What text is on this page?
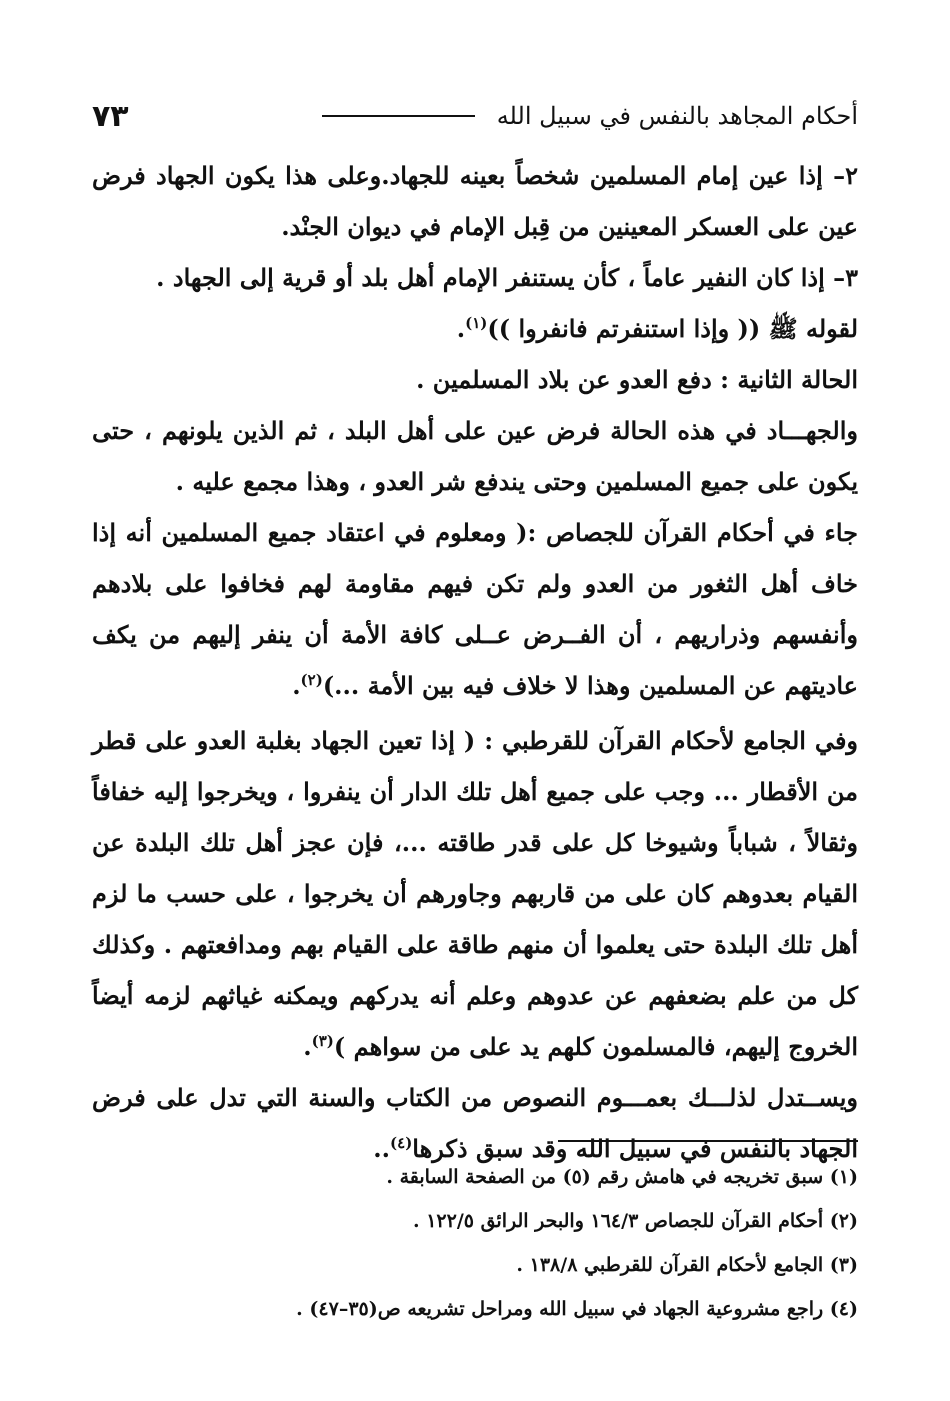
أحكام المجاهد بالنفس في سبيل الله
٧٣

٢– إذا عين إمام المسلمين شخصاً بعينه للجهاد.وعلى هذا يكون الجهاد فرض عين على العسكر المعينين من قِبل الإمام في ديوان الجنْد.

٣– إذا كان النفير عاماً ، كأن يستنفر الإمام أهل بلد أو قرية إلى الجهاد .

لقوله ﷺ (( وإذا استنفرتم فانفروا ))$^{(١)}$.

الحالة الثانية : دفع العدو عن بلاد المسلمين .

والجهـــاد في هذه الحالة فرض عين على أهل البلد ، ثم الذين يلونهم ، حتى يكون على جميع المسلمين وحتى يندفع شر العدو ، وهذا مجمع عليه .

جاء في أحكام القرآن للجصاص :( ومعلوم في اعتقاد جميع المسلمين أنه إذا خاف أهل الثغور من العدو ولم تكن فيهم مقاومة لهم فخافوا على بلادهم وأنفسهم وذراريهم ، أن الفــرض عــلى كافة الأمة أن ينفر إليهم من يكف عاديتهم عن المسلمين وهذا لا خلاف فيه بين الأمة ...)$^{(٢)}$.

وفي الجامع لأحكام القرآن للقرطبي : ( إذا تعين الجهاد بغلبة العدو على قطر من الأقطار ... وجب على جميع أهل تلك الدار أن ينفروا ، ويخرجوا إليه خفافاً وثقالاً ، شباباً وشيوخا كل على قدر طاقته ...، فإن عجز أهل تلك البلدة عن القيام بعدوهم كان على من قاربهم وجاورهم أن يخرجوا ، على حسب ما لزم أهل تلك البلدة حتى يعلموا أن منهم طاقة على القيام بهم ومدافعتهم . وكذلك كل من علم بضعفهم عن عدوهم وعلم أنه يدركهم ويمكنه غياثهم لزمه أيضاً الخروج إليهم، فالمسلمون كلهم يد على من سواهم )$^{(٣)}$.

ويســتدل لذلـــك بعمـــوم النصوص من الكتاب والسنة التي تدل على فرض الجهاد بالنفس في سبيل الله وقد سبق ذكرها$^{(٤)}$..

(١) سبق تخريجه في هامش رقم (٥) من الصفحة السابقة .
(٢) أحكام القرآن للجصاص ١٦٤/٣ والبحر الرائق ١٢٢/٥ .
(٣) الجامع لأحكام القرآن للقرطبي ١٣٨/٨ .
(٤) راجع مشروعية الجهاد في سبيل الله ومراحل تشريعه ص(٣٥–٤٧) .
